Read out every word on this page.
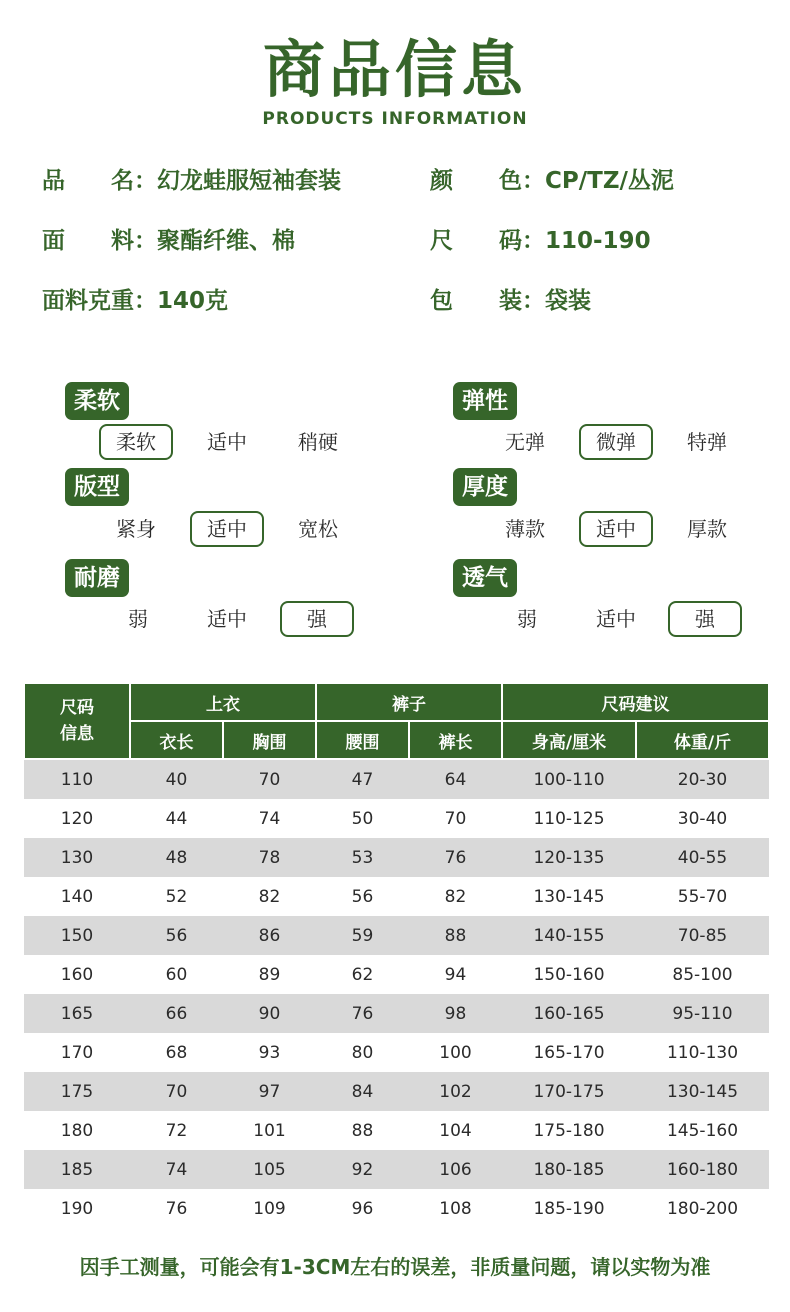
商品信息
PRODUCTS INFORMATION
品　　名：幻龙蛙服短袖套装	颜　　色：CP/TZ/丛泥
面　　料：聚酯纤维、棉	尺　　码：110-190
面料克重：140克	包　　装：袋装
柔软
柔软	适中	稍硬
版型
紧身	适中	宽松
耐磨
弱	适中	强
弹性
无弹	微弹	特弹
厚度
薄款	适中	厚款
透气
弱	适中	强
尺码
信息	上衣		裤子		尺码建议	
	衣长	胸围	腰围	裤长	身高/厘米	体重/斤
110	40	70	47	64	100-110	20-30
120	44	74	50	70	110-125	30-40
130	48	78	53	76	120-135	40-55
140	52	82	56	82	130-145	55-70
150	56	86	59	88	140-155	70-85
160	60	89	62	94	150-160	85-100
165	66	90	76	98	160-165	95-110
170	68	93	80	100	165-170	110-130
175	70	97	84	102	170-175	130-145
180	72	101	88	104	175-180	145-160
185	74	105	92	106	180-185	160-180
190	76	109	96	108	185-190	180-200
因手工测量，可能会有1-3CM左右的误差，非质量问题，请以实物为准
